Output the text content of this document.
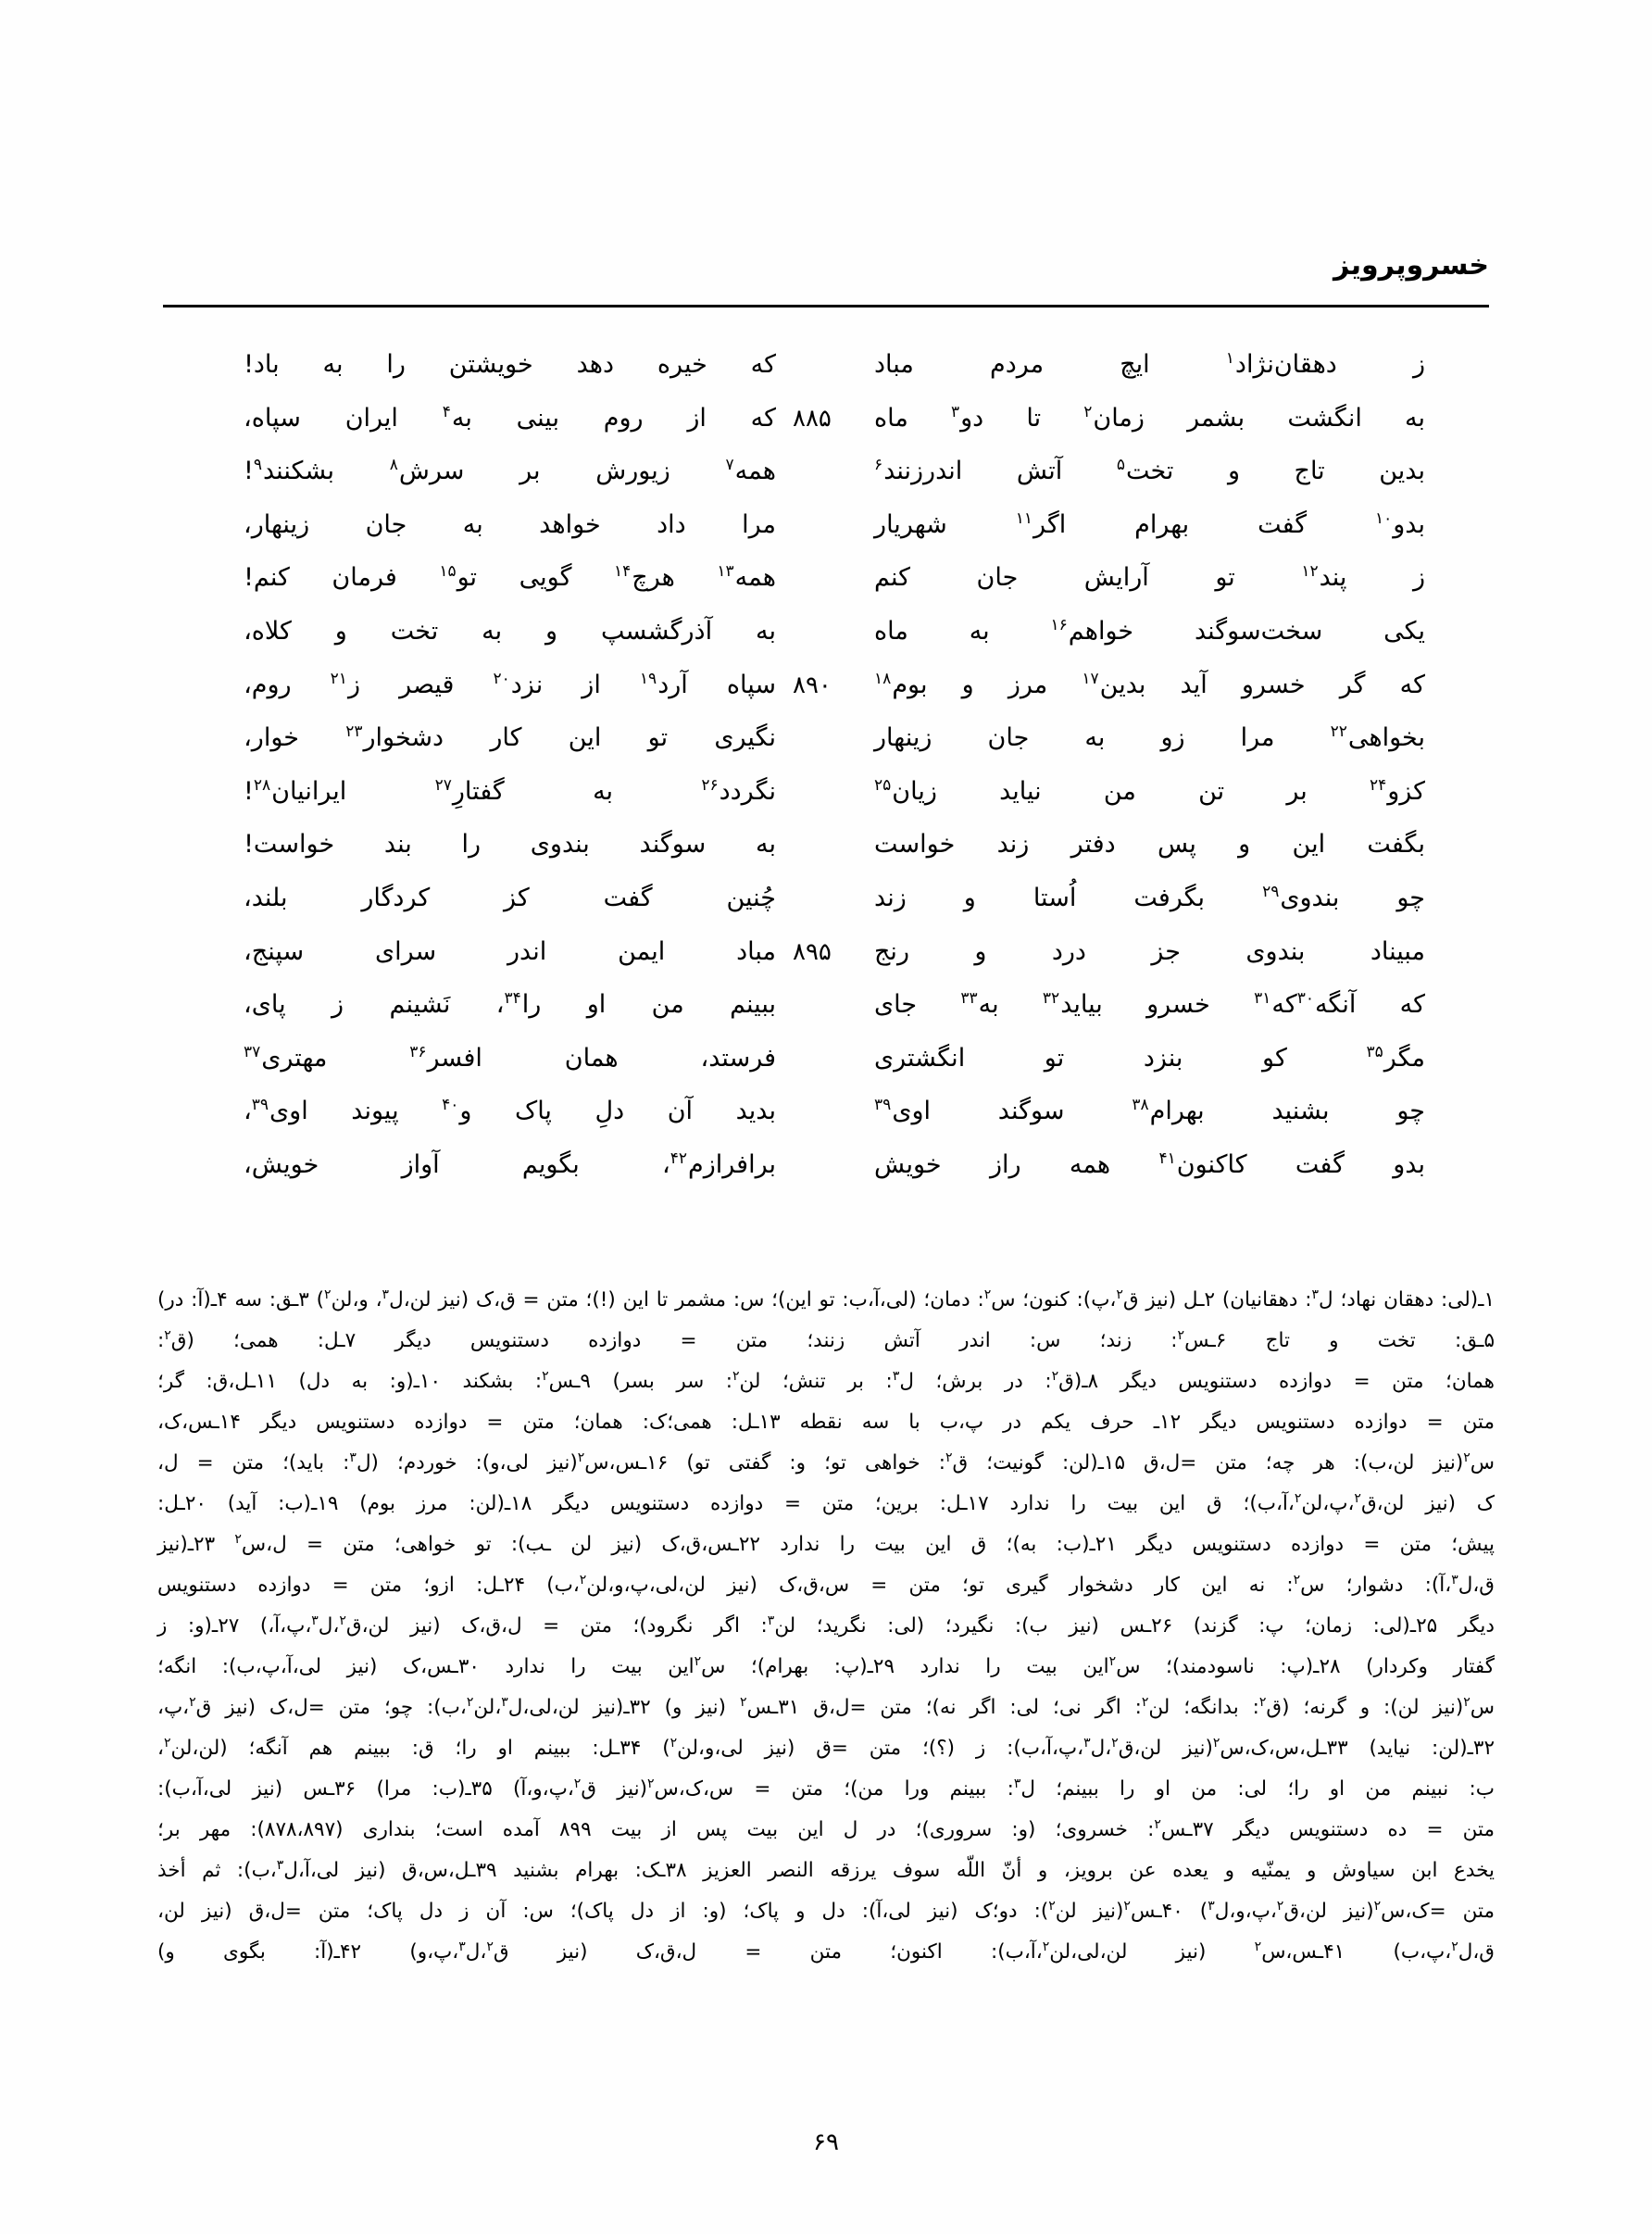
خسروپرویز
ز
دهقان‌نژاد$^۱$
ایچ
مردم
مباد
که
خیره
دهد
خویشتن
را
به
باد!
به
انگشت
بشمر
زمان$^۲$
تا
دو$^۳$
ماه
۸۸۵
که
از
روم
بینی
به$^۴$
ایران
سپاه،
بدین
تاج
و
تخت$^۵$
آتش
اندرزنند$^۶$
همه$^۷$
زیورش
بر
سرش$^۸$
بشکنند$^۹$!
بدو$^{۱۰}$
گفت
بهرام
اگر$^{۱۱}$
شهریار
مرا
داد
خواهد
به
جان
زینهار،
ز
پند$^{۱۲}$
تو
آرایش
جان
کنم
همه$^{۱۳}$
هرچ$^{۱۴}$
گویی
تو$^{۱۵}$
فرمان
کنم!
یکی
سخت‌سوگند
خواهم$^{۱۶}$
به
ماه
به
آذرگشسپ
و
به
تخت
و
کلاه،
که
گر
خسرو
آید
بدین$^{۱۷}$
مرز
و
بوم$^{۱۸}$
۸۹۰
سپاه
آرد$^{۱۹}$
از
نزد$^{۲۰}$
قیصر
ز$^{۲۱}$
روم،
بخواهی$^{۲۲}$
مرا
زو
به
جان
زینهار
نگیری
تو
این
کار
دشخوار$^{۲۳}$
خوار،
کزو$^{۲۴}$
بر
تن
من
نیاید
زیان$^{۲۵}$
نگردد$^{۲۶}$
به
گفتارِ$^{۲۷}$
ایرانیان$^{۲۸}$!
بگفت
این
و
پس
دفتر
زند
خواست
به
سوگند
بندوی
را
بند
خواست!
چو
بندوی$^{۲۹}$
بگرفت
اُستا
و
زند
چُنین
گفت
کز
کردگار
بلند،
مبیناد
بندوی
جز
درد
و
رنج
۸۹۵
مباد
ایمن
اندر
سرای
سپنج،
که
آنگه$^{۳۰}$که$^{۳۱}$
خسرو
بیاید$^{۳۲}$
به$^{۳۳}$
جای
ببینم
من
او
را$^{۳۴}$،
نَشینم
ز
پای،
مگر$^{۳۵}$
کو
بنزد
تو
انگشتری
فرستد،
همان
افسر$^{۳۶}$
مهتری$^{۳۷}$
چو
بشنید
بهرام$^{۳۸}$
سوگند
اوی$^{۳۹}$
بدید
آن
دلِ
پاک
و$^{۴۰}$
پیوند
اوی$^{۳۹}$،
بدو
گفت
کاکنون$^{۴۱}$
همه
راز
خویش
برافرازم$^{۴۲}$،
بگویم
آواز
خویش،

۱ـ(لی: دهقان نهاد؛ ل$^۳$: دهقانیان) ۲ـل (نیز ق$^۲$،پ): کنون؛ س$^۲$: دمان؛ (لی،آ،ب: تو این)؛ س: مشمر تا این (!)؛ متن = ق،ک (نیز لن،ل$^۳$، و،لن$^۲$) ۳ـق: سه ۴ـ(آ: در) ۵ـق: تخت و تاج ۶ـس$^۲$: زند؛ س: اندر آتش زنند؛ متن = دوازده دستنویس دیگر ۷ـل: همی؛ (ق$^۲$:

همان؛ متن = دوازده دستنویس دیگر ۸ـ(ق$^۲$: در برش؛ ل$^۳$: بر تنش؛ لن$^۲$: سر بسر) ۹ـس$^۲$: بشکند ۱۰ـ(و: به دل) ۱۱ـل،ق: گر؛

متن = دوازده دستنویس دیگر ۱۲ـ حرف یکم در پ،ب با سه نقطه ۱۳ـل: همی؛ک: همان؛ متن = دوازده دستنویس دیگر ۱۴ـس،ک،

س$^۲$(نیز لن،ب): هر چه؛ متن =ل،ق ۱۵ـ(لن: گونیت؛ ق$^۲$: خواهی تو؛ و: گفتی تو) ۱۶ـس،س$^۲$(نیز لی،و): خوردم؛ (ل$^۳$: باید)؛ متن = ل،

ک (نیز لن،ق$^۲$،پ،لن$^۲$،آ،ب)؛ ق این بیت را ندارد ۱۷ـل: برین؛ متن = دوازده دستنویس دیگر ۱۸ـ(لن: مرز بوم) ۱۹ـ(ب: آید) ۲۰ـل:

پیش؛ متن = دوازده دستنویس دیگر ۲۱ـ(ب: به)؛ ق این بیت را ندارد ۲۲ـس،ق،ک (نیز لن ـب): تو خواهی؛ متن = ل،س$^۲$ ۲۳ـ(نیز

ق،ل$^۳$،آ): دشوار؛ س$^۲$: نه این کار دشخوار گیری تو؛ متن = س،ق،ک (نیز لن،لی،پ،و،لن$^۲$،ب) ۲۴ـل: ازو؛ متن = دوازده دستنویس

دیگر ۲۵ـ(لی: زمان؛ پ: گزند) ۲۶ـس (نیز ب): نگیرد؛ (لی: نگرید؛ لن$^۳$: اگر نگرود)؛ متن = ل،ق،ک (نیز لن،ق$^۲$،ل$^۳$،پ،آ،) ۲۷ـ(و: ز

گفتار وکردار) ۲۸ـ(پ: ناسودمند)؛ س$^۲$این بیت را ندارد ۲۹ـ(پ: بهرام)؛ س$^۲$این بیت را ندارد ۳۰ـس،ک (نیز لی،آ،پ،ب): انگه؛

س$^۲$(نیز لن): و گرنه؛ (ق$^۲$: بدانگه؛ لن$^۲$: اگر نی؛ لی: اگر نه)؛ متن =ل،ق ۳۱ـس$^۲$ (نیز و) ۳۲ـ(نیز لن،لی،ل$^۳$،لن$^۲$،ب): چو؛ متن =ل،ک (نیز ق$^۲$،پ،

۳۲ـ(لن: نیاید) ۳۳ـل،س،ک،س$^۲$(نیز لن،ق$^۲$،ل$^۳$،پ،آ،ب): ز (؟)؛ متن =ق (نیز لی،و،لن$^۲$) ۳۴ـل: ببینم او را؛ ق: ببینم هم آنگه؛ (لن،لن$^۲$،

ب: نبینم من او را؛ لی: من او را ببینم؛ ل$^۳$: ببینم ورا من)؛ متن = س،ک،س$^۲$(نیز ق$^۲$،پ،و،آ) ۳۵ـ(ب: مرا) ۳۶ـس (نیز لی،آ،ب):

متن = ده دستنویس دیگر ۳۷ـس$^۲$: خسروی؛ (و: سروری)؛ در ل این بیت پس از بیت ۸۹۹ آمده است؛ بنداری (۸۷۸،۸۹۷): مهر بر؛

یخدع ابن سیاوش و یمنّیه و یعده عن برویز، و أنّ اللّه سوف یرزقه النصر العزیز ۳۸ـک: بهرام بشنید ۳۹ـل،س،ق (نیز لی،آ،ل$^۳$،ب): ثم أخذ

متن =ک،س$^۲$(نیز لن،ق$^۲$،پ،و،ل$^۳$) ۴۰ـس$^۲$(نیز لن$^۲$): دو؛ک (نیز لی،آ): دل و پاک؛ (و: از دل پاک)؛ س: آن ز دل پاک؛ متن =ل،ق (نیز لن،

ق،ل$^۲$،پ،ب) ۴۱ـس،س$^۲$ (نیز لن،لی،لن$^۲$،آ،ب): اکنون؛ متن = ل،ق،ک (نیز ق$^۲$،ل$^۳$،پ،و) ۴۲ـ(آ: بگوی و)

۶۹
